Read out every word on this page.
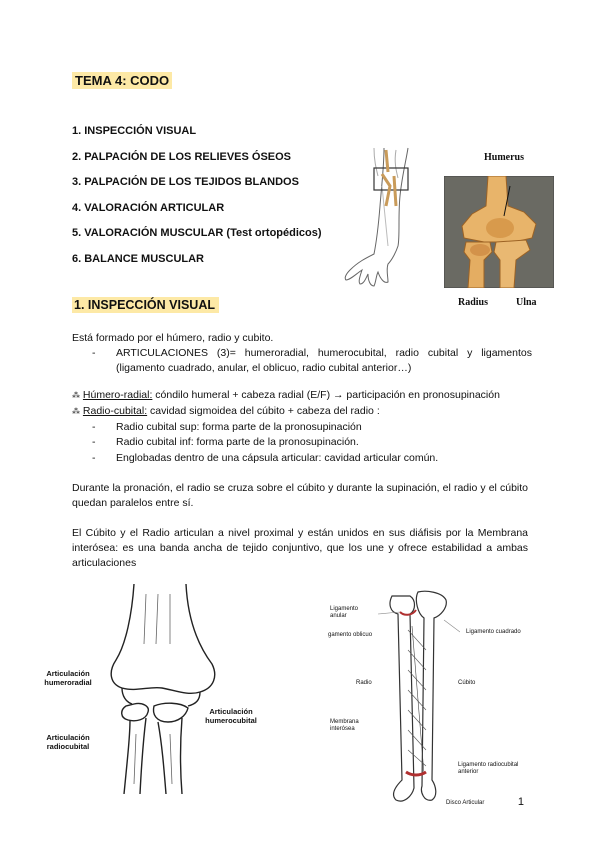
TEMA 4: CODO
1. INSPECCIÓN VISUAL
2. PALPACIÓN DE LOS RELIEVES ÓSEOS
3. PALPACIÓN DE LOS TEJIDOS BLANDOS
4. VALORACIÓN ARTICULAR
5. VALORACIÓN MUSCULAR (Test ortopédicos)
6. BALANCE MUSCULAR
Humerus
Radius	Ulna
1. INSPECCIÓN VISUAL
Está formado por el húmero, radio y cubito.
-	ARTICULACIONES (3)= humeroradial, humerocubital, radio cubital y ligamentos (ligamento cuadrado, anular, el oblicuo, radio cubital anterior…)
⁂ Húmero-radial: cóndilo humeral + cabeza radial (E/F) → participación en pronosupinación
⁂ Radio-cubital: cavidad sigmoidea del cúbito + cabeza del radio :
-	Radio cubital sup: forma parte de la pronosupinación
-	Radio cubital inf: forma parte de la pronosupinación.
-	Englobadas dentro de una cápsula articular: cavidad articular común.
Durante la pronación, el radio se cruza sobre el cúbito y durante la supinación, el radio y el cúbito quedan paralelos entre sí.
El Cúbito y el Radio articulan a nivel proximal y están unidos en sus diáfisis por la Membrana interósea: es una banda ancha de tejido conjuntivo, que los une y ofrece estabilidad a ambas articulaciones
Articulación humeroradial
Articulación humerocubital
Articulación radiocubital
Ligamento anular
gamento oblicuo	Ligamento cuadrado
Radio	Cúbito
Membrana interósea
Ligamento radiocubital anterior
Disco Articular	1
